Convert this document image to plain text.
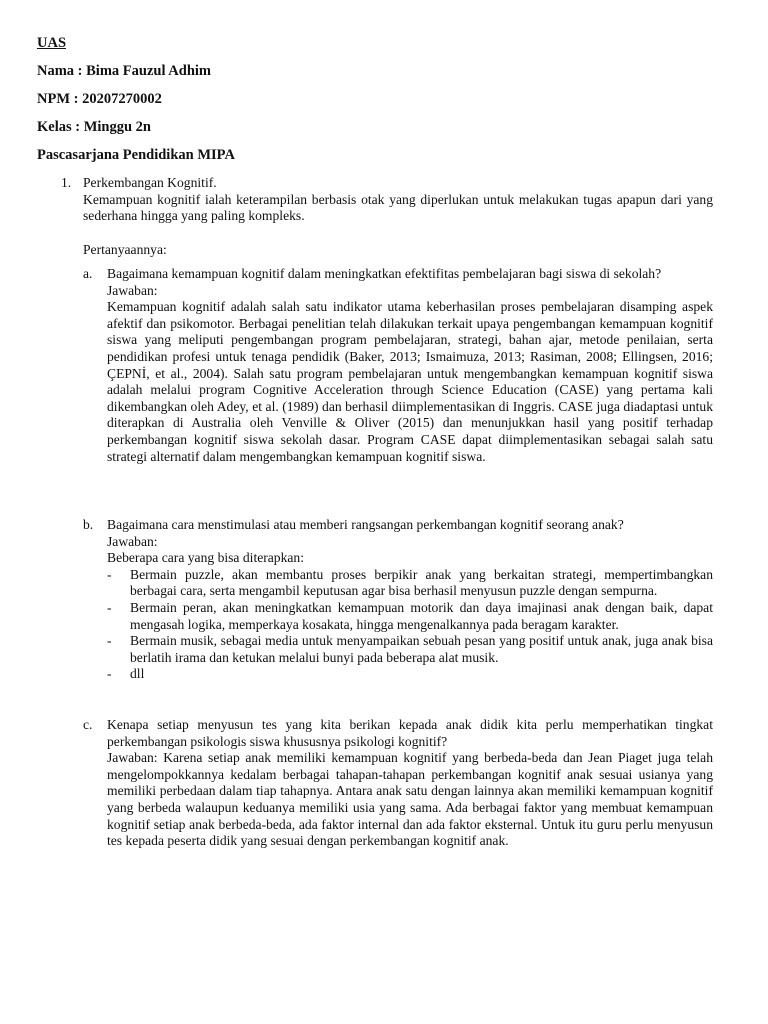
UAS
Nama : Bima Fauzul Adhim
NPM : 20207270002
Kelas : Minggu 2n
Pascasarjana Pendidikan MIPA
1. Perkembangan Kognitif.

Kemampuan kognitif ialah keterampilan berbasis otak yang diperlukan untuk melakukan tugas apapun dari yang sederhana hingga yang paling kompleks.

Pertanyaannya:

a. Bagaimana kemampuan kognitif dalam meningkatkan efektifitas pembelajaran bagi siswa di sekolah?

Jawaban:

Kemampuan kognitif adalah salah satu indikator utama keberhasilan proses pembelajaran disamping aspek afektif dan psikomotor. Berbagai penelitian telah dilakukan terkait upaya pengembangan kemampuan kognitif siswa yang meliputi pengembangan program pembelajaran, strategi, bahan ajar, metode penilaian, serta pendidikan profesi untuk tenaga pendidik (Baker, 2013; Ismaimuza, 2013; Rasiman, 2008; Ellingsen, 2016; ÇEPNİ, et al., 2004). Salah satu program pembelajaran untuk mengembangkan kemampuan kognitif siswa adalah melalui program Cognitive Acceleration through Science Education (CASE) yang pertama kali dikembangkan oleh Adey, et al. (1989) dan berhasil diimplementasikan di Inggris. CASE juga diadaptasi untuk diterapkan di Australia oleh Venville & Oliver (2015) dan menunjukkan hasil yang positif terhadap perkembangan kognitif siswa sekolah dasar. Program CASE dapat diimplementasikan sebagai salah satu strategi alternatif dalam mengembangkan kemampuan kognitif siswa.

b. Bagaimana cara menstimulasi atau memberi rangsangan perkembangan kognitif seorang anak?

Jawaban:

Beberapa cara yang bisa diterapkan:

- Bermain puzzle, akan membantu proses berpikir anak yang berkaitan strategi, mempertimbangkan berbagai cara, serta mengambil keputusan agar bisa berhasil menyusun puzzle dengan sempurna.
- Bermain peran, akan meningkatkan kemampuan motorik dan daya imajinasi anak dengan baik, dapat mengasah logika, memperkaya kosakata, hingga mengenalkannya pada beragam karakter.
- Bermain musik, sebagai media untuk menyampaikan sebuah pesan yang positif untuk anak, juga anak bisa berlatih irama dan ketukan melalui bunyi pada beberapa alat musik.
- dll
c. Kenapa setiap menyusun tes yang kita berikan kepada anak didik kita perlu memperhatikan tingkat perkembangan psikologis siswa khususnya psikologi kognitif?

Jawaban: Karena setiap anak memiliki kemampuan kognitif yang berbeda-beda dan Jean Piaget juga telah mengelompokkannya kedalam berbagai tahapan-tahapan perkembangan kognitif anak sesuai usianya yang memiliki perbedaan dalam tiap tahapnya. Antara anak satu dengan lainnya akan memiliki kemampuan kognitif yang berbeda walaupun keduanya memiliki usia yang sama. Ada berbagai faktor yang membuat kemampuan kognitif setiap anak berbeda-beda, ada faktor internal dan ada faktor eksternal. Untuk itu guru perlu menyusun tes kepada peserta didik yang sesuai dengan perkembangan kognitif anak.
